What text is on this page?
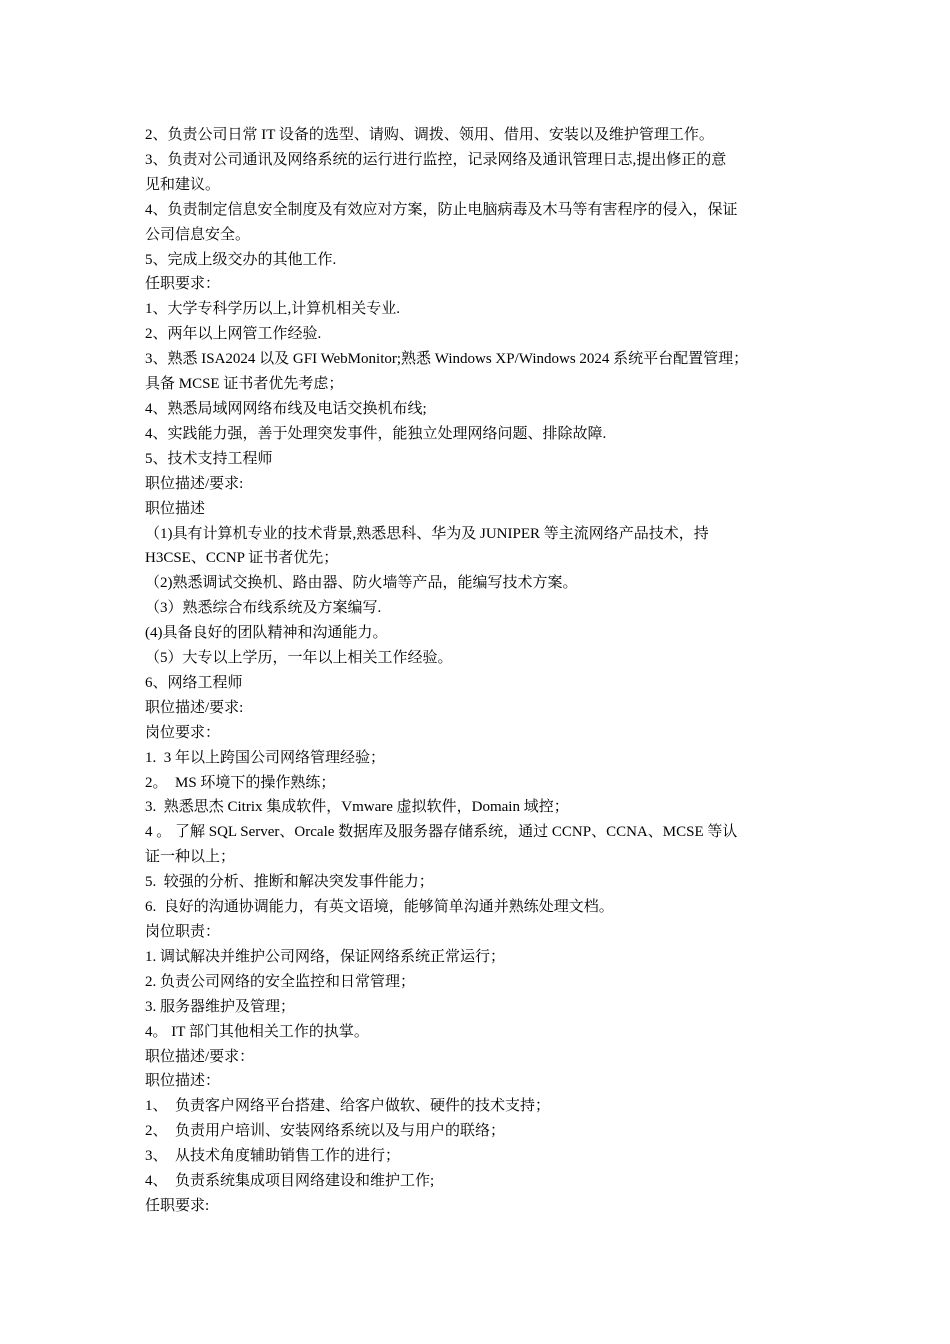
2、负责公司日常 IT 设备的选型、请购、调拨、领用、借用、安装以及维护管理工作。

3、负责对公司通讯及网络系统的运行进行监控，记录网络及通讯管理日志,提出修正的意

见和建议。

4、负责制定信息安全制度及有效应对方案，防止电脑病毒及木马等有害程序的侵入，保证

公司信息安全。

5、完成上级交办的其他工作.

任职要求：

1、大学专科学历以上,计算机相关专业.

2、两年以上网管工作经验.

3、熟悉 ISA2024 以及 GFI WebMonitor;熟悉 Windows XP/Windows 2024 系统平台配置管理；

具备 MCSE 证书者优先考虑；

4、熟悉局域网网络布线及电话交换机布线;

4、实践能力强，善于处理突发事件，能独立处理网络问题、排除故障.

5、技术支持工程师

职位描述/要求:

职位描述

（1)具有计算机专业的技术背景,熟悉思科、华为及 JUNIPER 等主流网络产品技术，持

H3CSE、CCNP 证书者优先；

（2)熟悉调试交换机、路由器、防火墙等产品，能编写技术方案。

（3）熟悉综合布线系统及方案编写.

(4)具备良好的团队精神和沟通能力。

（5）大专以上学历，一年以上相关工作经验。

6、网络工程师

职位描述/要求:

岗位要求：

1.  3 年以上跨国公司网络管理经验；

2。  MS 环境下的操作熟练；

3.  熟悉思杰 Citrix 集成软件，Vmware 虚拟软件，Domain 域控；

4 。 了解 SQL Server、Orcale 数据库及服务器存储系统，通过 CCNP、CCNA、MCSE 等认

证一种以上；

5.  较强的分析、推断和解决突发事件能力；

6.  良好的沟通协调能力，有英文语境，能够简单沟通并熟练处理文档。

岗位职责：

1. 调试解决并维护公司网络，保证网络系统正常运行；

2. 负责公司网络的安全监控和日常管理；

3. 服务器维护及管理；

4。 IT 部门其他相关工作的执掌。

职位描述/要求：

职位描述：

1、  负责客户网络平台搭建、给客户做软、硬件的技术支持；

2、  负责用户培训、安装网络系统以及与用户的联络；

3、  从技术角度辅助销售工作的进行；

4、  负责系统集成项目网络建设和维护工作;

任职要求:
